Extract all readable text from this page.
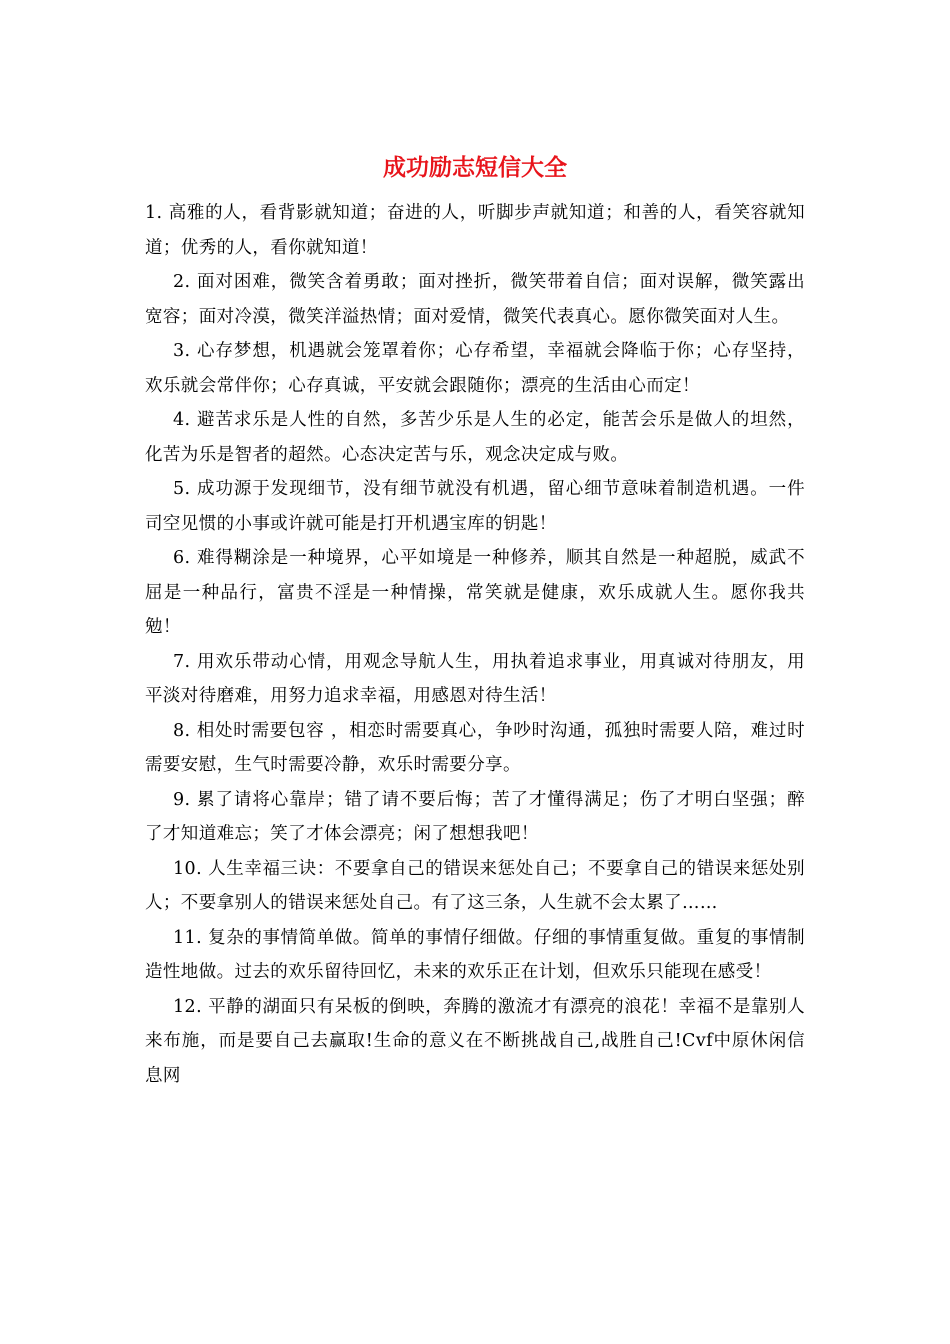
成功励志短信大全

1. 高雅的人，看背影就知道；奋进的人，听脚步声就知道；和善的人，看笑容就知道；优秀的人，看你就知道！

2. 面对困难，微笑含着勇敢；面对挫折，微笑带着自信；面对误解，微笑露出宽容；面对冷漠，微笑洋溢热情；面对爱情，微笑代表真心。愿你微笑面对人生。

3. 心存梦想，机遇就会笼罩着你；心存希望，幸福就会降临于你；心存坚持，欢乐就会常伴你；心存真诚，平安就会跟随你；漂亮的生活由心而定！

4. 避苦求乐是人性的自然，多苦少乐是人生的必定，能苦会乐是做人的坦然，化苦为乐是智者的超然。心态决定苦与乐，观念决定成与败。

5. 成功源于发现细节，没有细节就没有机遇，留心细节意味着制造机遇。一件司空见惯的小事或许就可能是打开机遇宝库的钥匙！

6. 难得糊涂是一种境界，心平如境是一种修养，顺其自然是一种超脱，威武不屈是一种品行，富贵不淫是一种情操，常笑就是健康，欢乐成就人生。愿你我共勉！

7. 用欢乐带动心情，用观念导航人生，用执着追求事业，用真诚对待朋友，用平淡对待磨难，用努力追求幸福，用感恩对待生活！

8. 相处时需要包容 ，相恋时需要真心，争吵时沟通，孤独时需要人陪，难过时需要安慰，生气时需要冷静，欢乐时需要分享。

9. 累了请将心靠岸；错了请不要后悔；苦了才懂得满足；伤了才明白坚强；醉了才知道难忘；笑了才体会漂亮；闲了想想我吧！

10. 人生幸福三诀：不要拿自己的错误来惩处自己；不要拿自己的错误来惩处别人；不要拿别人的错误来惩处自己。有了这三条，人生就不会太累了……

11. 复杂的事情简单做。简单的事情仔细做。仔细的事情重复做。重复的事情制造性地做。过去的欢乐留待回忆，未来的欢乐正在计划，但欢乐只能现在感受！

12. 平静的湖面只有呆板的倒映，奔腾的激流才有漂亮的浪花！幸福不是靠别人来布施，而是要自己去赢取!生命的意义在不断挑战自己,战胜自己!Cvf中原休闲信息网
